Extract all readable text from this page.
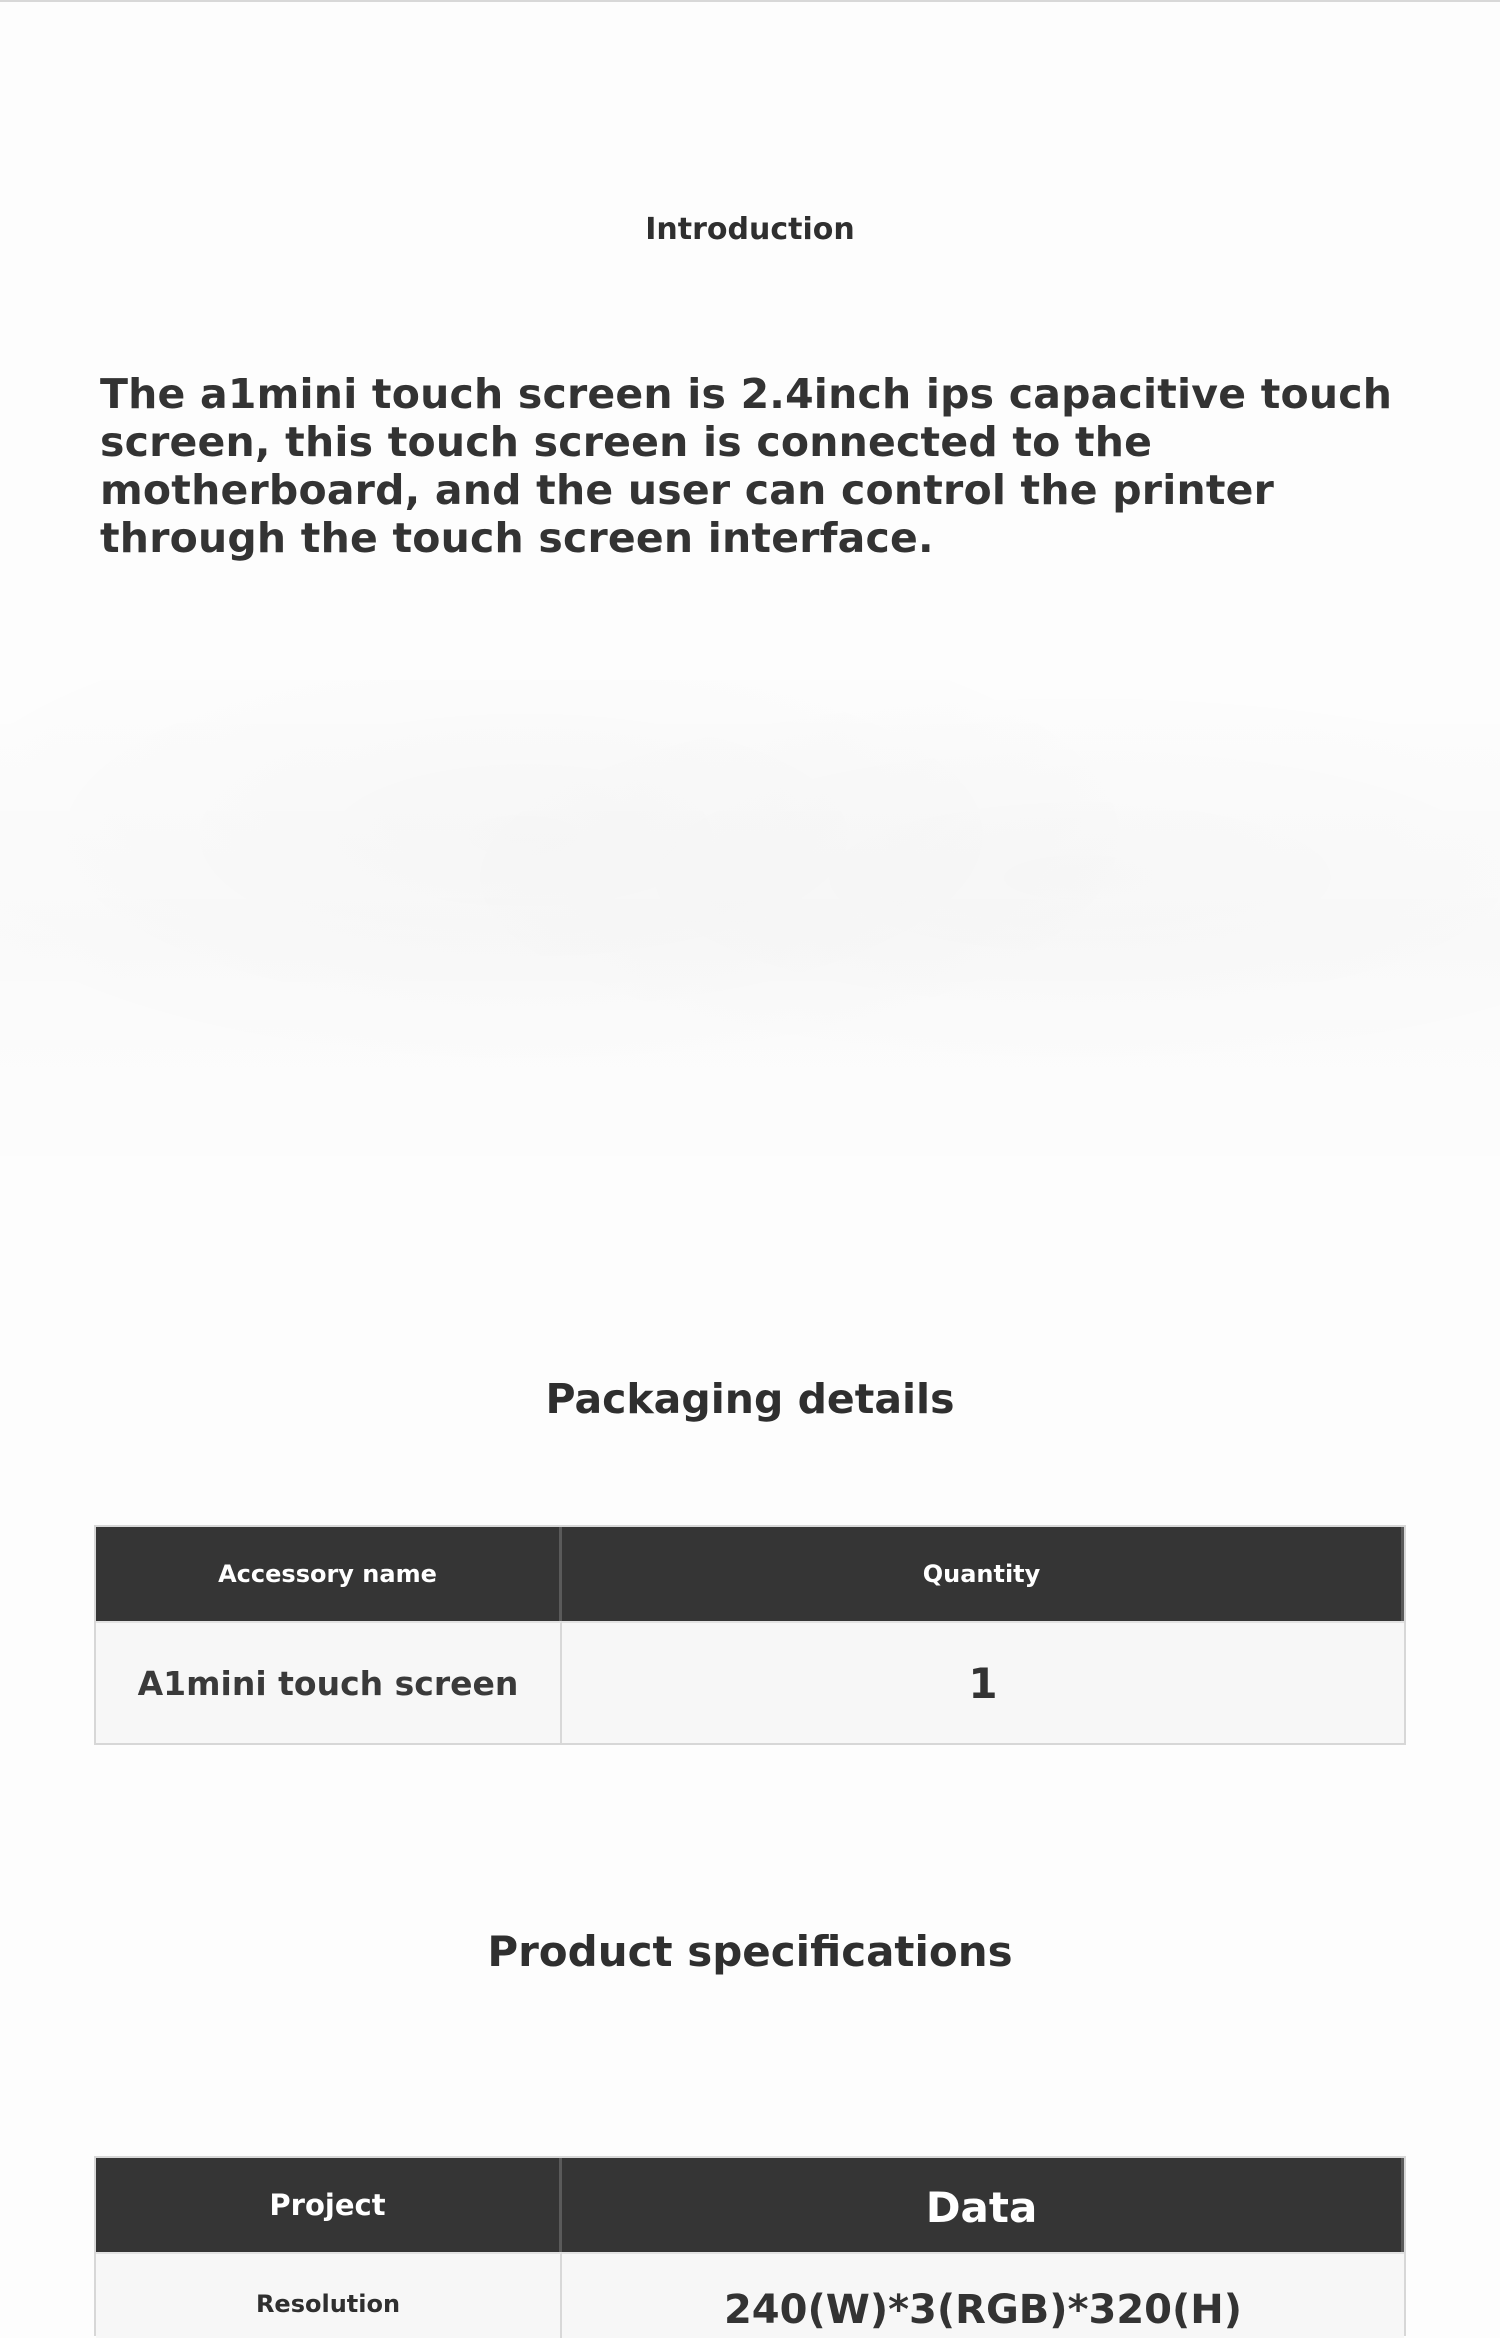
Introduction
The a1mini touch screen is 2.4inch ips capacitive touch screen, this touch screen is connected to the motherboard, and the user can control the printer through the touch screen interface.
Packaging details
Accessory name	Quantity
A1mini touch screen	1
Product specifications
Project	Data
Resolution	240(W)*3(RGB)*320(H)
